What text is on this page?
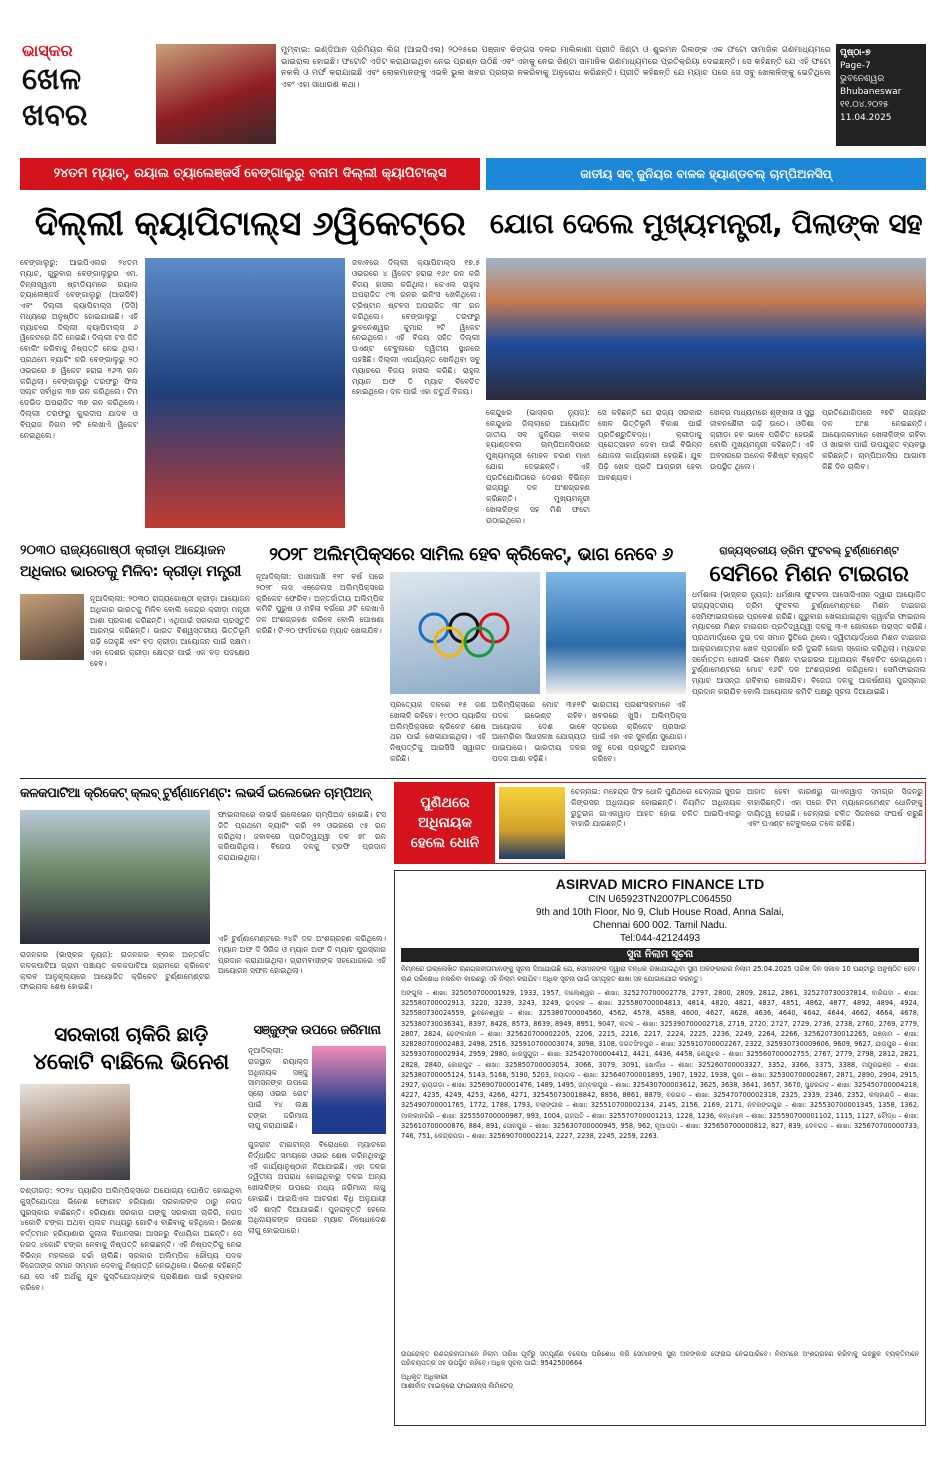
ଭାସ୍କର
ଖେଳ ଖବର
ମୁମ୍ବାଇ: ଇଣ୍ଡିଆନ ପ୍ରିମିୟର ଲିଗ (ଆଇପିଏଲ) ୨୦୨୫ରେ ପଞ୍ଜାବ କିଙ୍ଗସ ଦଳର ମାଲିକାଣୀ ପ୍ରୀତି ଜିଣ୍ଟା ଓ ଶୁଭମନ ଗିଲଙ୍କ ଏକ ଫଟୋ ସାମାଜିକ ଗଣମାଧ୍ୟମରେ ଭାଇରାଲ ହୋଇଛି। ଫଟୋଟି ଏଡିଟ କରାଯାଇଥିବା ନେଇ ପ୍ରଶ୍ନ ଉଠିଛି ଏବଂ ଏହାକୁ ନେଇ ଜିଣ୍ଟା ସାମାଜିକ ଗଣମାଧ୍ୟମରେ ପ୍ରତିକ୍ରିୟା ଦେଇଛନ୍ତି। ସେ କହିଛନ୍ତି ଯେ ଏହି ଫଟୋ ନକଲି ଓ ମର୍ଫ କରାଯାଇଛି ଏବଂ ଲୋକମାନଙ୍କୁ ଏଭଳି ଭୁଲ ଖବର ପ୍ରଚାର ନକରିବାକୁ ଅନୁରୋଧ କରିଛନ୍ତି। ପ୍ରୀତି କହିଛନ୍ତି ଯେ ମ୍ୟାଚ ପରେ ସେ ସବୁ ଖେଳାଳିଙ୍କୁ ଭେଟିଥିଲେ ଏବଂ ଏହା ସାଧାରଣ କଥା।
ପୃଷ୍ଠା-୭
Page-7
ଭୁବନେଶ୍ୱର
Bhubaneswar
୧୧.୦୪.୨୦୨୫
11.04.2025
୨୪ତମ ମ୍ୟାଚ୍‌, ରୟାଲ ଚ୍ୟାଲେଞ୍ଜର୍ସ ବେଙ୍ଗାଲୁରୁ ବନାମ ଦିଲ୍ଲୀ କ୍ୟାପିଟାଲ୍ସ
ଦିଲ୍ଲୀ କ୍ୟାପିଟାଲ୍ସ ୬ୱିକେଟ୍‌ରେ
ବେଙ୍ଗାଲୁରୁ: ଆଇପିଏଲର ୨୪ତମ ମ୍ୟାଚ, ଗୁରୁବାର ବେଙ୍ଗାଲୁରୁର ଏମ. ଚିନ୍ନାସ୍ୱାମୀ ଷ୍ଟାଡିୟମରେ ରୟାଲ ଚ୍ୟାଲେଞ୍ଜର୍ସ ବେଙ୍ଗାଲୁରୁ (ଆରସିବି) ଏବଂ ଦିଲ୍ଲୀ କ୍ୟାପିଟାଲ୍ସ (ଡିସି) ମଧ୍ୟରେ ଅନୁଷ୍ଠିତ ହୋଇଯାଇଛି। ଏହି ମ୍ୟାଚରେ ଦିଲ୍ଲୀ କ୍ୟାପିଟାଲ୍ସ ୬ ୱିକେଟରେ ଜିତି ନେଇଛି। ଦିଲ୍ଲୀ ଟସ ଜିତି ବୋଲିଂ କରିବାକୁ ନିଷ୍ପତ୍ତି ନେଇ ଥିଲା। ପ୍ରଥମେ ବ୍ୟାଟିଂ କରି ବେଙ୍ଗାଲୁରୁ ୨୦ ଓଭରରେ ୭ ୱିକେଟ ହରାଇ ୧୬୩ ରନ କରିଥିଲା। ବେଙ୍ଗାଲୁରୁ ତରଫରୁ ଫିଲ ସଲ୍ଟ ସର୍ବାଧିକ ୩୭ ରନ କରିଥିଲେ। ଟିମ ଡେଭିଡ ଅପରାଜିତ ୩୭ ରନ କରିଥିଲେ। ଦିଲ୍ଲୀ ତରଫରୁ କୁଲଦୀପ ଯାଦବ ଓ ବିପ୍ରାଜ ନିଗମ ୨ଟି ଲେଖାଏଁ ୱିକେଟ ନେଇଥିଲେ।
ଜବାବରେ ଦିଲ୍ଲୀ କ୍ୟାପିଟାଲ୍ସ ୧୭.୫ ଓଭରରେ ୪ ୱିକେଟ ହରାଇ ୧୬୯ ରନ କରି ବିଜୟ ହାସଲ କରିଥିଲା। କେଏଲ ରାହୁଲ ଅପରାଜିତ ୯୩ ରନର ଇନିଂସ ଖେଳିଥିଲେ। ଟ୍ରିଷ୍ଟାନ ଷ୍ଟବସ ଅପରାଜିତ ୩୮ ରନ କରିଥିଲେ। ବେଙ୍ଗାଲୁରୁ ତରଫରୁ ଭୁବନେଶ୍ୱର କୁମାର ୨ଟି ୱିକେଟ ନେଇଥିଲେ। ଏହି ବିଜୟ ସହିତ ଦିଲ୍ଲୀ ପଏଣ୍ଟ ଟେବୁଲରେ ଦ୍ୱିତୀୟ ସ୍ଥାନରେ ପହଞ୍ଚିଛି। ଦିଲ୍ଲୀ ଏପର୍ଯ୍ୟନ୍ତ ଖେଳିଥିବା ସବୁ ମ୍ୟାଚରେ ବିଜୟ ହାସଲ କରିଛି। ରାହୁଲ ମ୍ୟାନ ଅଫ ଦି ମ୍ୟାଚ ବିବେଚିତ ହୋଇଥିଲେ। ଦଳ ପାଇଁ ଏହା ଚତୁର୍ଥ ବିଜୟ।
ଜାତୀୟ ସବ୍‌ ଜୁନିୟର ବାଳକ ହ୍ୟାଣ୍ଡବଲ୍‌ ଚାମ୍ପିଅନସିପ୍‌
ଯୋଗ ଦେଲେ ମୁଖ୍ୟମନ୍ତ୍ରୀ, ପିଲାଙ୍କ ସହ
କେନ୍ଦୁଝର (ଭାସ୍କର ନ୍ୟୁଜ): କେନ୍ଦୁଝର ଜିଲ୍ଲାରେ ଆୟୋଜିତ ଜାତୀୟ ସବ ଜୁନିୟର ବାଳକ ହ୍ୟାଣ୍ଡବଲ ଚାମ୍ପିଅନସିପରେ ମୁଖ୍ୟମନ୍ତ୍ରୀ ମୋହନ ଚରଣ ମାଝୀ ଯୋଗ ଦେଇଛନ୍ତି। ଏହି ପ୍ରତିଯୋଗିତାରେ ଦେଶର ବିଭିନ୍ନ ରାଜ୍ୟରୁ ଦଳ ଅଂଶଗ୍ରହଣ କରିଛନ୍ତି। ମୁଖ୍ୟମନ୍ତ୍ରୀ ଖେଳାଳିଙ୍କ ସହ ମିଶି ଫଟୋ ଉଠାଇଥିଲେ।
ସେ କହିଛନ୍ତି ଯେ ରାଜ୍ୟ ସରକାର ଖେଳ ଭିତ୍ତିଭୂମି ବିକାଶ ପାଇଁ ପ୍ରତିଶ୍ରୁତିବଦ୍ଧ। କ୍ରୀଡ଼ାକୁ ପ୍ରୋତ୍ସାହନ ଦେବା ପାଇଁ ବିଭିନ୍ନ ଯୋଜନା କାର୍ଯ୍ୟକାରୀ ହେଉଛି। ଯୁବ ପିଢ଼ି ଖେଳ ପ୍ରତି ଆଗ୍ରହୀ ହେବା ଆବଶ୍ୟକ।
ଖେଳର ମାଧ୍ୟମରେ ଶୃଙ୍ଖଳା ଓ ସୁସ୍ଥ ଜୀବନଶୈଳୀ ଗଢ଼ି ଉଠେ। ଓଡ଼ିଶା କ୍ରୀଡ଼ା ହବ ଭାବେ ପରିଚିତ ହେଉଛି ବୋଲି ମୁଖ୍ୟମନ୍ତ୍ରୀ କହିଛନ୍ତି। ଏହି ଅବସରରେ ଅନେକ ବିଶିଷ୍ଟ ବ୍ୟକ୍ତି ଉପସ୍ଥିତ ଥିଲେ।
ପ୍ରତିଯୋଗିତାରେ ୨୭ଟି ରାଜ୍ୟର ଦଳ ଅଂଶ ନେଇଛନ୍ତି। ଆୟୋଜକମାନେ ଖେଳାଳିଙ୍କ ରହିବା ଓ ଖାଇବା ପାଇଁ ଉପଯୁକ୍ତ ବ୍ୟବସ୍ଥା କରିଛନ୍ତି। ଚାମ୍ପିଅନସିପ ଆଗାମୀ କିଛି ଦିନ ଚାଲିବ।
୨୦୩୦ ରାଜ୍ୟଗୋଷ୍ଠୀ କ୍ରୀଡ଼ା ଆୟୋଜନ
ଅଧିକାର ଭାରତକୁ ମିଳିବ: କ୍ରୀଡ଼ା ମନ୍ତ୍ରୀ
ନୂଆଦିଲ୍ଲୀ: ୨୦୩୦ ରାଜ୍ୟଗୋଷ୍ଠୀ କ୍ରୀଡ଼ା ଆୟୋଜନ ଅଧିକାର ଭାରତକୁ ମିଳିବ ବୋଲି କେନ୍ଦ୍ର କ୍ରୀଡ଼ା ମନ୍ତ୍ରୀ ଆଶା ପ୍ରକାଶ କରିଛନ୍ତି। ଏଥିପାଇଁ ସରକାର ପ୍ରସ୍ତୁତି ଆରମ୍ଭ କରିଛନ୍ତି। ଭାରତ ବିଶ୍ୱସ୍ତରୀୟ ଭିତ୍ତିଭୂମି ଗଢ଼ି ତୋଳୁଛି ଏବଂ ବଡ଼ କ୍ରୀଡ଼ା ଆୟୋଜନ ପାଇଁ ସକ୍ଷମ। ଏହା ଦେଶର କ୍ରୀଡ଼ା କ୍ଷେତ୍ର ପାଇଁ ଏକ ବଡ଼ ପଦକ୍ଷେପ ହେବ।
୨୦୨୮ ଅଲିମ୍ପିକ୍ସରେ ସାମିଲ ହେବ କ୍ରିକେଟ୍‌, ଭାଗ ନେବେ ୬
ନୂଆଦିଲ୍ଲୀ: ପାଖାପାଖି ୧୨୮ ବର୍ଷ ପରେ ୨୦୨୮ ଲସ ଏଞ୍ଜେଲସ ଅଲିମ୍ପିକ୍ସରେ କ୍ରିକେଟ ଫେରିବ। ଅନ୍ତର୍ଜାତୀୟ ଅଲିମ୍ପିକ କମିଟି ପୁରୁଷ ଓ ମହିଳା ବର୍ଗରେ ୬ଟି ଲେଖାଏଁ ଦଳ ଅଂଶଗ୍ରହଣ କରିବେ ବୋଲି ଘୋଷଣା କରିଛି। ଟି-୨୦ ଫର୍ମାଟରେ ମ୍ୟାଚ ଖେଳାଯିବ।
ପ୍ରତ୍ୟେକ ଦଳରେ ୧୫ ଜଣ ଖେଳାଳି ରହିବେ। ୧୯୦୦ ପ୍ୟାରିସ ଅଲିମ୍ପିକ୍ସରେ କ୍ରିକେଟ ଶେଷ ଥର ପାଇଁ ଖେଳାଯାଇଥିଲା। ଏହି ନିଷ୍ପତ୍ତିକୁ ଆଇସିସି ସ୍ୱାଗତ କରିଛି।
ଅଳିମ୍ପିକ୍ସରେ ମୋଟ ୩୫୧ଟି ପଦକ ଇଭେଣ୍ଟ ରହିବ। ଆୟୋଜକ ଦେଶ ଭାବେ ଆମେରିକା ସିଧାସଳଖ ଯୋଗ୍ୟତା ପାଇପାରେ। ଭାରତୀୟ ଦଳର ପଦକ ଆଶା ବଢ଼ିଛି।
ଭାରତୀୟ ପ୍ରଶଂସକମାନେ ଏହି ଖବରରେ ଖୁସି। ଅଲିମ୍ପିକ୍ସ ସ୍ତରରେ କ୍ରିକେଟ ପ୍ରସାର ପାଇଁ ଏହା ଏକ ସୁବର୍ଣ୍ଣ ସୁଯୋଗ। ସବୁ ଦେଶ ପ୍ରସ୍ତୁତି ଆରମ୍ଭ କରିବେ।
ରାଜ୍ୟସ୍ତରୀୟ ଡ୍ରିମ ଫୁଟବଲ୍‌ ଟୁର୍ଣ୍ଣାମେଣ୍ଟ
ସେମିରେ ମିଶନ ଟାଇଗର
ଧର୍ମଶାଳା (ଭାସ୍କର ନ୍ୟୁଜ): ଧର୍ମଶାଳା ଫୁଟବଲ ଆସୋସିଏସନ ଦ୍ୱାରା ଆୟୋଜିତ ରାଜ୍ୟସ୍ତରୀୟ ଡ୍ରିମ ଫୁଟବଲ ଟୁର୍ଣ୍ଣାମେଣ୍ଟରେ ମିଶନ ଟାଇଗର ସେମିଫାଇନାଲରେ ପ୍ରବେଶ କରିଛି। ଗୁରୁବାର ଖେଳାଯାଇଥିବା କ୍ୱାର୍ଟର ଫାଇନାଲ ମ୍ୟାଚରେ ମିଶନ ଟାଇଗର ପ୍ରତିଦ୍ୱନ୍ଦ୍ୱୀ ଦଳକୁ ୩-୧ ଗୋଲରେ ପରାସ୍ତ କରିଛି। ପ୍ରଥମାର୍ଦ୍ଧରେ ଦୁଇ ଦଳ ସମାନ ସ୍ଥିତିରେ ଥିଲେ। ଦ୍ୱିତୀୟାର୍ଦ୍ଧରେ ମିଶନ ଟାଇଗର ଆକ୍ରମଣାତ୍ମକ ଖେଳ ପ୍ରଦର୍ଶନ କରି ଦୁଇଟି ଗୋଲ ସ୍କୋର କରିଥିଲା। ମ୍ୟାଚର ସର୍ବୋତ୍ତମ ଖେଳାଳି ଭାବେ ମିଶନ ଟାଇଗରର ଅଧିନାୟକ ବିବେଚିତ ହୋଇଥିଲେ। ଟୁର୍ଣ୍ଣାମେଣ୍ଟରେ ମୋଟ ୧୬ଟି ଦଳ ଅଂଶଗ୍ରହଣ କରିଥିଲେ। ସେମିଫାଇନାଲ ମ୍ୟାଚ ଆସନ୍ତା ରବିବାର ଖେଳାଯିବ। ବିଜେତା ଦଳକୁ ଆକର୍ଷଣୀୟ ପୁରସ୍କାର ପ୍ରଦାନ କରାଯିବ ବୋଲି ଆୟୋଜକ କମିଟି ପକ୍ଷରୁ ସୂଚନା ଦିଆଯାଇଛି।
କଳକପାଟିଆ କ୍ରିକେଟ୍‌ କ୍ଲବ୍‌ ଟୁର୍ଣ୍ଣାମେଣ୍ଟ: ଲଭର୍ସ ଇଲେଭେନ ଚାମ୍ପିଅନ୍‌
ରାଜନଗର (ଭାସ୍କର ନ୍ୟୁଜ): ରାଜନଗର ବ୍ଲକ ଅନ୍ତର୍ଗତ କଳକପାଟିଆ ଗ୍ରାମ ପଞ୍ଚାୟତ କଳକପାଟିଆ ଗ୍ରାମରେ କ୍ରିକେଟ କ୍ଲବ ଆନୁକୂଲ୍ୟରେ ଆୟୋଜିତ କ୍ରିକେଟ ଟୁର୍ଣ୍ଣାମେଣ୍ଟର ଫାଇନାଲ ଶେଷ ହୋଇଛି।
ଫାଇନାଲରେ ଲଭର୍ସ ଇଲେଭେନ ଚାମ୍ପିଅନ ହୋଇଛି। ଟସ ଜିତି ପ୍ରଥମେ ବ୍ୟାଟିଂ କରି ୧୨ ଓଭରରେ ୯୫ ରନ କରିଥିଲା। ଜବାବରେ ପ୍ରତିଦ୍ୱନ୍ଦ୍ୱୀ ଦଳ ୭୮ ରନ କରିପାରିଥିଲା। ବିଜେତା ଦଳକୁ ଟ୍ରଫି ପ୍ରଦାନ କରାଯାଇଥିଲା।
ଏହି ଟୁର୍ଣ୍ଣାମେଣ୍ଟରେ ୨୪ଟି ଦଳ ଅଂଶଗ୍ରହଣ କରିଥିଲେ। ମ୍ୟାନ ଅଫ ଦି ସିରିଜ ଓ ମ୍ୟାନ ଅଫ ଦି ମ୍ୟାଚ ପୁରସ୍କାର ପ୍ରଦାନ କରାଯାଇଥିଲା। ଗ୍ରାମବାସୀଙ୍କ ସହଯୋଗରେ ଏହି ଆୟୋଜନ ସଫଳ ହୋଇଥିଲା।
ପୁଣିଥରେ ଅଧିନାୟକ ହେଲେ ଧୋନି
ଚେନ୍ନାଇ: ମହେନ୍ଦ୍ର ସିଂହ ଧୋନି ପୁଣିଥରେ ଚେନ୍ନାଇ ସୁପର କିଙ୍ଗସର ଅଧିନାୟକ ହୋଇଛନ୍ତି। ନିୟମିତ ଅଧିନାୟକ ରୁତୁରାଜ ଗାଏକୱାଡ଼ ଆହତ ହୋଇ ଚଳିତ ଆଇପିଏଲରୁ ବାହାରି ଯାଇଛନ୍ତି।
ଆହାତ ହେବା କାରଣରୁ ଗାଏକୱାଡ଼ ସମଗ୍ର ସିଜନରୁ ବାହାରିଛନ୍ତି। ଏହା ପରେ ଟିମ ମ୍ୟାନେଜମେଣ୍ଟ ଧୋନିଙ୍କୁ ଦାୟିତ୍ୱ ଦେଇଛି। ଚେନ୍ନାଇ ଚଳିତ ସିଜନରେ ସଂଘର୍ଷ କରୁଛି ଏବଂ ପଏଣ୍ଟ ଟେବୁଲରେ ତଳେ ରହିଛି।
ASIRVAD MICRO FINANCE LTD
CIN U65923TN2007PLC064550
9th and 10th Floor, No 9, Club House Road, Anna Salai,
Chennai 600 002. Tamil Nadu.
Tel:044-42124493
ସୁନା ନିଲାମ ସୂଚନା
ନିମ୍ନରେ ଉଲ୍ଲେଖିତ ଋଣଗ୍ରହୀତାମାନଙ୍କୁ ସୂଚନା ଦିଆଯାଉଛି ଯେ, ସେମାନଙ୍କ ଦ୍ୱାରା ବନ୍ଧକ ରଖାଯାଇଥିବା ସୁନା ଅଳଙ୍କାରର ନିଲାମ 25.04.2025 ତାରିଖ ଦିନ ସକାଳ 10 ଘଣ୍ଟାରୁ ଅନୁଷ୍ଠିତ ହେବ। ଋଣ ପରିଶୋଧ ନକରିବା କାରଣରୁ ଏହି ନିଲାମ କରାଯିବ। ଅଧିକ ସୂଚନା ପାଇଁ ସମ୍ପୃକ୍ତ ଶାଖା ସହ ଯୋଗାଯୋଗ କରନ୍ତୁ।
ଅଙ୍ଗୁଲ – ଶାଖା: 325050700001929, 1933, 1957, ବାଲେଶ୍ୱର – ଶାଖା: 325270700002778, 2797, 2800, 2809, 2812, 2861, 325270730037814, ବାରିପଦା – ଶାଖା: 325580700002913, 3220, 3239, 3243, 3249, ଭଦ୍ରକ – ଶାଖା: 325580700004813, 4814, 4820, 4821, 4837, 4851, 4862, 4877, 4892, 4894, 4924, 325580730024559, ଭୁବନେଶ୍ୱର – ଶାଖା: 325380700004560, 4562, 4578, 4588, 4600, 4627, 4628, 4636, 4640, 4642, 4644, 4662, 4664, 4678, 325380730036341, 8397, 8428, 8573, 8639, 8949, 8951, 9047, କଟକ – ଶାଖା: 325390700002718, 2719, 2720, 2727, 2729, 2736, 2738, 2760, 2769, 2779, 2807, 2824, ଢେଙ୍କାନାଳ – ଶାଖା: 325620700002205, 2206, 2215, 2216, 2217, 2224, 2225, 2236, 2249, 2264, 2266, 325620730012265, ଗଞ୍ଜାମ – ଶାଖା: 328280700002483, 2498, 2516, 325910700003074, 3098, 3108, ଜଗତସିଂହପୁର – ଶାଖା: 325910700002267, 2322, 325930730009606, 9609, 9627, ଯାଜପୁର – ଶାଖା: 325930700002934, 2959, 2980, ଝାରସୁଗୁଡ଼ା – ଶାଖା: 325420700004412, 4421, 4436, 4458, କେନ୍ଦୁଝର – ଶାଖା: 325560700002755, 2767, 2779, 2798, 2812, 2821, 2828, 2840, କୋରାପୁଟ – ଶାଖା: 325850700003054, 3066, 3079, 3091, ଖୋର୍ଦ୍ଧା – ଶାଖା: 325260700003327, 3352, 3366, 3375, 3388, ମୟୂରଭଞ୍ଜ – ଶାଖା: 325380700005124, 5143, 5168, 5190, 5203, ନୟାଗଡ଼ – ଶାଖା: 325640700001895, 1907, 1922, 1938, ପୁରୀ – ଶାଖା: 325300700002867, 2871, 2890, 2904, 2915, 2927, ରାୟଗଡ଼ା – ଶାଖା: 325690700001476, 1489, 1495, ସମ୍ବଲପୁର – ଶାଖା: 325430700003612, 3625, 3638, 3641, 3657, 3670, ସୁନ୍ଦରଗଡ଼ – ଶାଖା: 325450700004218, 4227, 4235, 4249, 4253, 4266, 4271, 325450730018842, 8856, 8861, 8879, ବରଗଡ଼ – ଶାଖା: 325470700002318, 2325, 2339, 2346, 2352, କଳାହାଣ୍ଡି – ଶାଖା: 325490700001765, 1772, 1788, 1793, ବଲାଙ୍ଗୀର – ଶାଖା: 325510700002134, 2145, 2156, 2169, 2171, ନବରଙ୍ଗପୁର – ଶାଖା: 325530700001345, 1358, 1362, ମାଲକାନଗିରି – ଶାଖା: 325550700000987, 993, 1004, ଗଜପତି – ଶାଖା: 325570700001213, 1228, 1236, କନ୍ଧମାଳ – ଶାଖା: 325590700001102, 1115, 1127, ବୌଦ୍ଧ – ଶାଖା: 325610700000876, 884, 891, ସୋନପୁର – ଶାଖା: 325630700000945, 958, 962, ନୂଆପଡ଼ା – ଶାଖା: 325650700000812, 827, 839, ଦେବଗଡ଼ – ଶାଖା: 325670700000733, 746, 751, କେନ୍ଦ୍ରାପଡ଼ା – ଶାଖା: 325690700002214, 2227, 2238, 2245, 2259, 2263.
ଉପରୋକ୍ତ ଋଣଗ୍ରହୀତାମାନେ ନିଲାମ ତାରିଖ ପୂର୍ବରୁ ସମ୍ପୂର୍ଣ୍ଣ ବକେୟା ପରିଶୋଧ କରି ସେମାନଙ୍କ ସୁନା ଅଳଙ୍କାର ଫେରାଇ ନେଇପାରିବେ। ନିଲାମରେ ଅଂଶଗ୍ରହଣ କରିବାକୁ ଇଚ୍ଛୁକ ବ୍ୟକ୍ତିମାନେ ପରିଚୟପତ୍ର ସହ ଉପସ୍ଥିତ ରହିବେ। ଅଧିକ ସୂଚନା ପାଇଁ: 9542500664
ଅଧିକୃତ ଅଧିକାରୀ
ଆଶୀର୍ବାଦ ମାଇକ୍ରୋ ଫାଇନାନ୍ସ ଲିମିଟେଡ୍‌
ସରକାରୀ ଚାକିରି ଛାଡ଼ି
୪କୋଟି ବାଛିଲେ ଭିନେଶ
ଚଣ୍ଡୀଗଡ଼: ୨୦୨୪ ପ୍ୟାରିସ ଅଲିମ୍ପିକ୍ସରେ ଅଯୋଗ୍ୟ ଘୋଷିତ ହୋଇଥିବା କୁସ୍ତିଯୋଦ୍ଧା ଭିନେଶ ଫୋଗାଟ ହରିୟାଣା ସରକାରଙ୍କ ଠାରୁ ନଗଦ ପୁରସ୍କାର ବାଛିଛନ୍ତି। ହରିୟାଣା ସରକାର ତାଙ୍କୁ ସରକାରୀ ଚାକିରି, ନଗଦ ୪କୋଟି ଟଙ୍କା ଅଥବା ପ୍ଲଟ ମଧ୍ୟରୁ ଗୋଟିଏ ବାଛିବାକୁ କହିଥିଲେ। ଭିନେଶ ବର୍ତ୍ତମାନ ହରିୟାଣାର ଜୁଲାନା ବିଧାନସଭା ଆସନରୁ ବିଧାୟିକା ଅଛନ୍ତି। ସେ ନଗଦ ୪କୋଟି ଟଙ୍କା ନେବାକୁ ନିଷ୍ପତ୍ତି ନେଇଛନ୍ତି। ଏହି ନିଷ୍ପତ୍ତିକୁ ନେଇ ବିଭିନ୍ନ ମହଲରେ ଚର୍ଚ୍ଚା ଚାଲିଛି। ସରକାର ଅଲିମ୍ପିକ ରୌପ୍ୟ ପଦକ ବିଜେତାଙ୍କ ସମାନ ସମ୍ମାନ ଦେବାକୁ ନିଷ୍ପତ୍ତି ନେଇଥିଲେ। ଭିନେଶ କହିଛନ୍ତି ଯେ ସେ ଏହି ଅର୍ଥକୁ ଯୁବ କୁସ୍ତିଯୋଦ୍ଧାଙ୍କ ପ୍ରଶିକ୍ଷଣ ପାଇଁ ବ୍ୟବହାର କରିବେ।
ସଞ୍ଜୁଙ୍କ ଉପରେ ଜରିମାନା
ନୂଆଦିଲ୍ଲୀ: ରାଜସ୍ଥାନ ରୟାଲ୍ସ ଅଧିନାୟକ ସଞ୍ଜୁ ସାମସନଙ୍କ ଉପରେ ସ୍ଲୋ ଓଭର ରେଟ ପାଇଁ ୨୪ ଲକ୍ଷ ଟଙ୍କା ଜରିମାନା ଲାଗୁ କରାଯାଇଛି।
ଗୁଜରାଟ ଟାଇଟାନ୍ସ ବିରୋଧରେ ମ୍ୟାଚରେ ନିର୍ଦ୍ଧାରିତ ସମୟରେ ଓଭର ଶେଷ କରିନଥିବାରୁ ଏହି କାର୍ଯ୍ୟାନୁଷ୍ଠାନ ନିଆଯାଇଛି। ଏହା ଦଳର ଦ୍ୱିତୀୟ ଅପରାଧ ହୋଇଥିବାରୁ ଦଳର ଅନ୍ୟ ଖେଳାଳିଙ୍କ ଉପରେ ମଧ୍ୟ ଜରିମାନା ଲାଗୁ ହୋଇଛି। ଆଇପିଏଲ ଆଚରଣ ବିଧି ଅନୁଯାୟୀ ଏହି ଶାସ୍ତି ଦିଆଯାଇଛି। ପୁନରାବୃତ୍ତି ହେଲେ ଅଧିନାୟକଙ୍କ ଉପରେ ମ୍ୟାଚ ନିଷେଧାଦେଶ ଲାଗୁ ହୋଇପାରେ।
